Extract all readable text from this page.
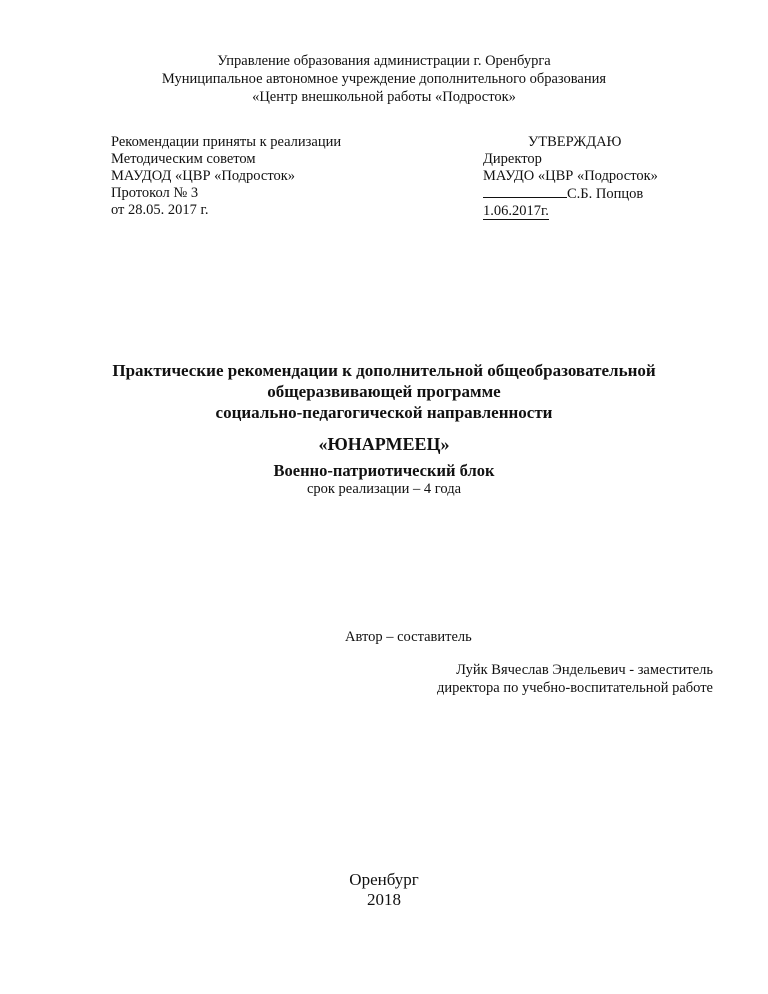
Управление образования администрации г. Оренбурга
Муниципальное автономное учреждение дополнительного образования
«Центр внешкольной работы «Подросток»
Рекомендации приняты к реализации
Методическим советом
МАУДОД «ЦВР «Подросток»
Протокол № 3
от 28.05. 2017 г.
УТВЕРЖДАЮ
Директор
МАУДО «ЦВР «Подросток»
С.Б. Попцов
1.06.2017г.
Практические рекомендации к дополнительной общеобразовательной
общеразвивающей программе
социально-педагогической направленности
«ЮНАРМЕЕЦ»
Военно-патриотический блок
срок реализации – 4 года
Автор – составитель
Луйк Вячеслав Эндельевич - заместитель
директора по учебно-воспитательной работе
Оренбург
2018
